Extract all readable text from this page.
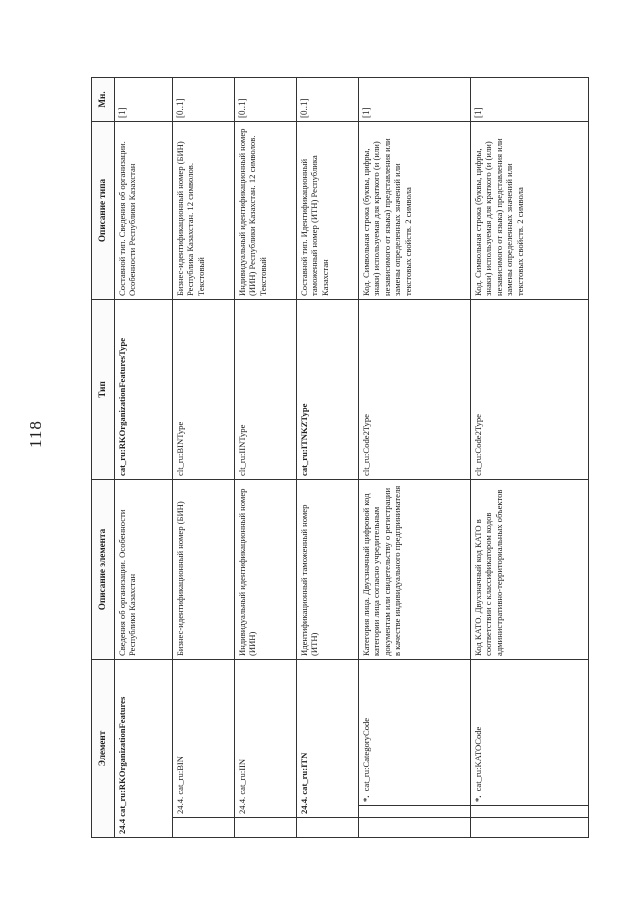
118
Элемент			Описание элемента	Тип	Описание типа	Мн.
24.4 cat_ru:RKOrganizationFeatures			Сведения об организации. Особенности Республики Казахстан	cat_ru:RKOrganizationFeaturesType	Составной тип. Сведения об организации. Особенности Республики Казахстан	[1]
	24.4. cat_ru:BIN		Бизнес-идентификационный номер (БИН)	clt_ru:BINType	Бизнес-идентификационный номер (БИН) Республика Казахстан. 12 символов. Текстовый	[0..1]
	24.4. cat_ru:IIN		Индивидуальный идентификационный номер (ИИН)	clt_ru:IINType	Индивидуальный идентификационный номер (ИИН) Республики Казахстан. 12 символов. Текстовый	[0..1]
	24.4. cat_ru:ITN		Идентификационный таможенный номер (ИТН)	cat_ru:ITNKZType	Составной тип. Идентификационный таможенный номер (ИТН) Республика Казахстан	[0..1]
		*. cat_ru:CategoryCode	Категория лица. Двухзначный цифровой код категории лица согласно учредительным документам или свидетельству о регистрации в качестве индивидуального предпринимателя	clt_ru:Code2Type	Код. Символьная строка (буквы, цифры, знаки) используемая для краткого (и (или) независимого от языка) представления или замены определенных значений или текстовых свойств. 2 символа	[1]
		*. cat_ru:KATOCode	Код КАТО. Двухзначный код КАТО в соответствии с классификатором кодов административно-территориальных объектов	clt_ru:Code2Type	Код. Символьная строка (буквы, цифры, знаки) используемая для краткого (и (или) независимого от языка) представления или замены определенных значений или текстовых свойств. 2 символа	[1]
